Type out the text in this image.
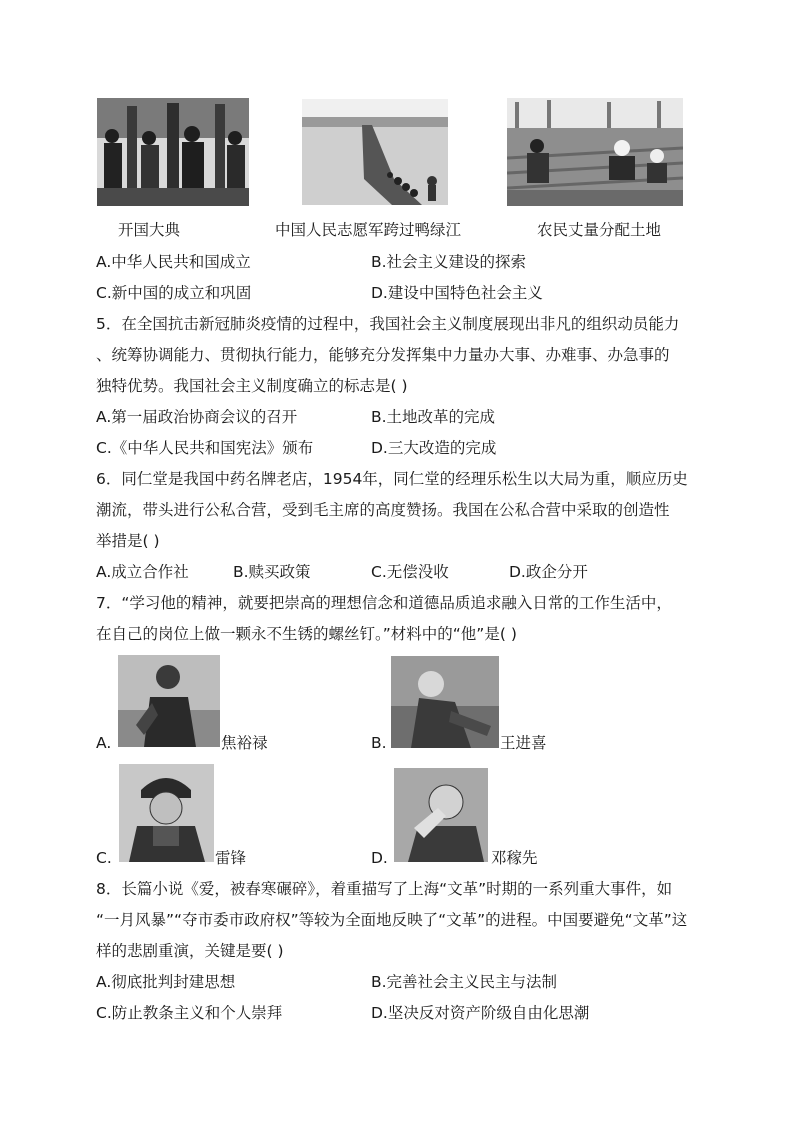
开国大典	中国人民志愿军跨过鸭绿江	农民丈量分配土地
A.中华人民共和国成立	B.社会主义建设的探索
C.新中国的成立和巩固	D.建设中国特色社会主义
5．在全国抗击新冠肺炎疫情的过程中，我国社会主义制度展现出非凡的组织动员能力
、统筹协调能力、贯彻执行能力，能够充分发挥集中力量办大事、办难事、办急事的
独特优势。我国社会主义制度确立的标志是( )
A.第一届政治协商会议的召开	B.土地改革的完成
C.《中华人民共和国宪法》颁布	D.三大改造的完成
6．同仁堂是我国中药名牌老店，1954年，同仁堂的经理乐松生以大局为重，顺应历史
潮流，带头进行公私合营，受到毛主席的高度赞扬。我国在公私合营中采取的创造性
举措是( )
A.成立合作社	B.赎买政策	C.无偿没收	D.政企分开
7．“学习他的精神，就要把崇高的理想信念和道德品质追求融入日常的工作生活中，
在自己的岗位上做一颗永不生锈的螺丝钉。”材料中的“他”是( )
A.	焦裕禄	B.	王进喜
C.	雷锋	D.	邓稼先
8．长篇小说《爱，被春寒碾碎》，着重描写了上海“文革”时期的一系列重大事件，如
“一月风暴”“夺市委市政府权”等较为全面地反映了“文革”的进程。中国要避免“文革”这
样的悲剧重演，关键是要( )
A.彻底批判封建思想	B.完善社会主义民主与法制
C.防止教条主义和个人崇拜	D.坚决反对资产阶级自由化思潮
